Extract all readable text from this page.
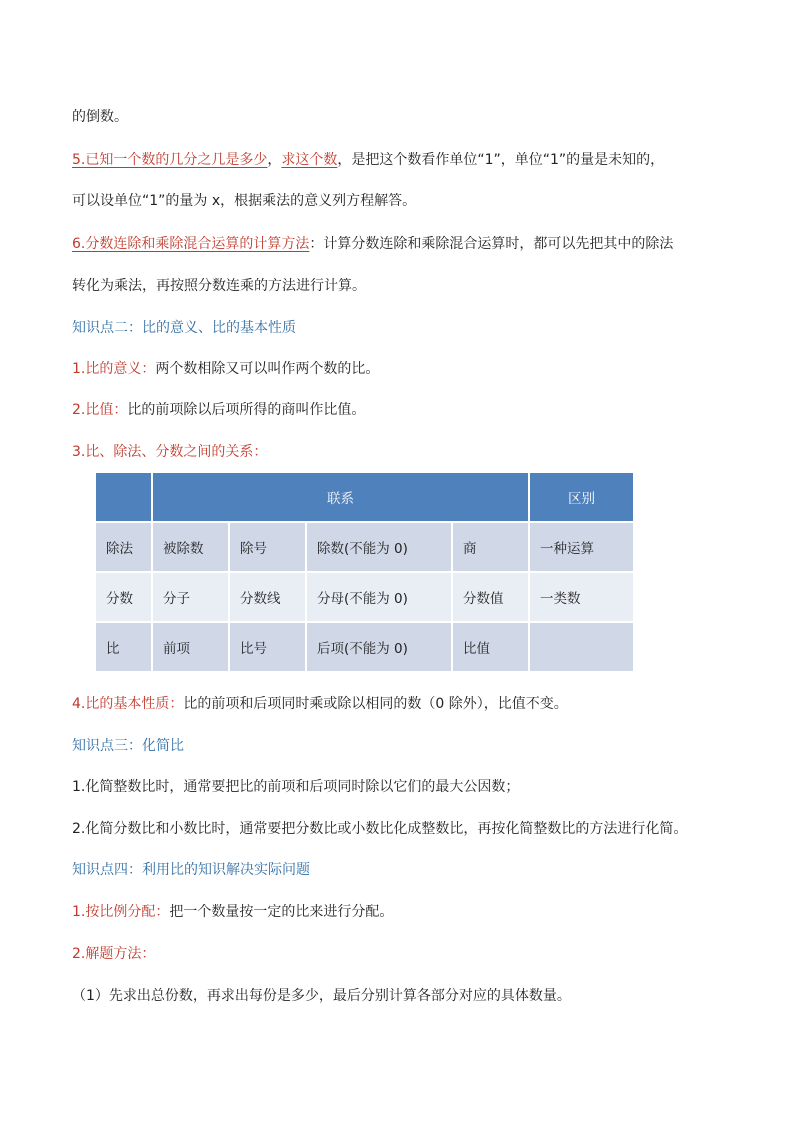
的倒数。
5.已知一个数的几分之几是多少，求这个数，是把这个数看作单位“1”，单位“1”的量是未知的，
可以设单位“1”的量为 x，根据乘法的意义列方程解答。
6.分数连除和乘除混合运算的计算方法：计算分数连除和乘除混合运算时，都可以先把其中的除法
转化为乘法，再按照分数连乘的方法进行计算。
知识点二：比的意义、比的基本性质
1.比的意义：两个数相除又可以叫作两个数的比。
2.比值：比的前项除以后项所得的商叫作比值。
3.比、除法、分数之间的关系：
	联系				区别
除法	被除数	除号	除数(不能为 0)	商	一种运算
分数	分子	分数线	分母(不能为 0)	分数值	一类数
比	前项	比号	后项(不能为 0)	比值	
4.比的基本性质：比的前项和后项同时乘或除以相同的数（0 除外），比值不变。
知识点三：化简比
1.化简整数比时，通常要把比的前项和后项同时除以它们的最大公因数；
2.化简分数比和小数比时，通常要把分数比或小数比化成整数比，再按化简整数比的方法进行化简。
知识点四：利用比的知识解决实际问题
1.按比例分配：把一个数量按一定的比来进行分配。
2.解题方法：
（1）先求出总份数，再求出每份是多少，最后分别计算各部分对应的具体数量。
